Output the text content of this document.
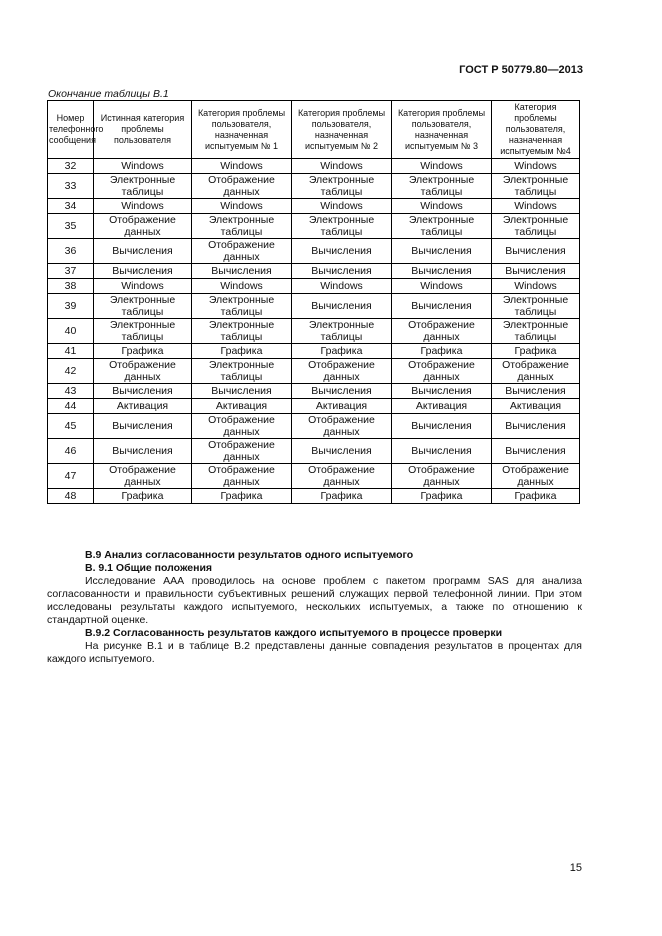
ГОСТ Р 50779.80—2013
Окончание таблицы В.1
Номер телефонного сообщения	Истинная категория проблемы пользователя	Категория проблемы пользователя, назначенная испытуемым № 1	Категория проблемы пользователя, назначенная испытуемым № 2	Категория проблемы пользователя, назначенная испытуемым № 3	Категория проблемы пользователя, назначенная испытуемым №4
32	Windows	Windows	Windows	Windows	Windows
33	Электронные таблицы	Отображение данных	Электронные таблицы	Электронные таблицы	Электронные таблицы
34	Windows	Windows	Windows	Windows	Windows
35	Отображение данных	Электронные таблицы	Электронные таблицы	Электронные таблицы	Электронные таблицы
36	Вычисления	Отображение данных	Вычисления	Вычисления	Вычисления
37	Вычисления	Вычисления	Вычисления	Вычисления	Вычисления
38	Windows	Windows	Windows	Windows	Windows
39	Электронные таблицы	Электронные таблицы	Вычисления	Вычисления	Электронные таблицы
40	Электронные таблицы	Электронные таблицы	Электронные таблицы	Отображение данных	Электронные таблицы
41	Графика	Графика	Графика	Графика	Графика
42	Отображение данных	Электронные таблицы	Отображение данных	Отображение данных	Отображение данных
43	Вычисления	Вычисления	Вычисления	Вычисления	Вычисления
44	Активация	Активация	Активация	Активация	Активация
45	Вычисления	Отображение данных	Отображение данных	Вычисления	Вычисления
46	Вычисления	Отображение данных	Вычисления	Вычисления	Вычисления
47	Отображение данных	Отображение данных	Отображение данных	Отображение данных	Отображение данных
48	Графика	Графика	Графика	Графика	Графика

В.9 Анализ согласованности результатов одного испытуемого

В. 9.1 Общие положения

Исследование ААА проводилось на основе проблем с пакетом программ SAS для анализа согласованности и правильности субъективных решений служащих первой телефонной линии. При этом исследованы результаты каждого испытуемого, нескольких испытуемых, а также по отношению к стандартной оценке.

В.9.2 Согласованность результатов каждого испытуемого в процессе проверки

На рисунке В.1 и в таблице В.2 представлены данные совпадения результатов в процентах для каждого испытуемого.

15
